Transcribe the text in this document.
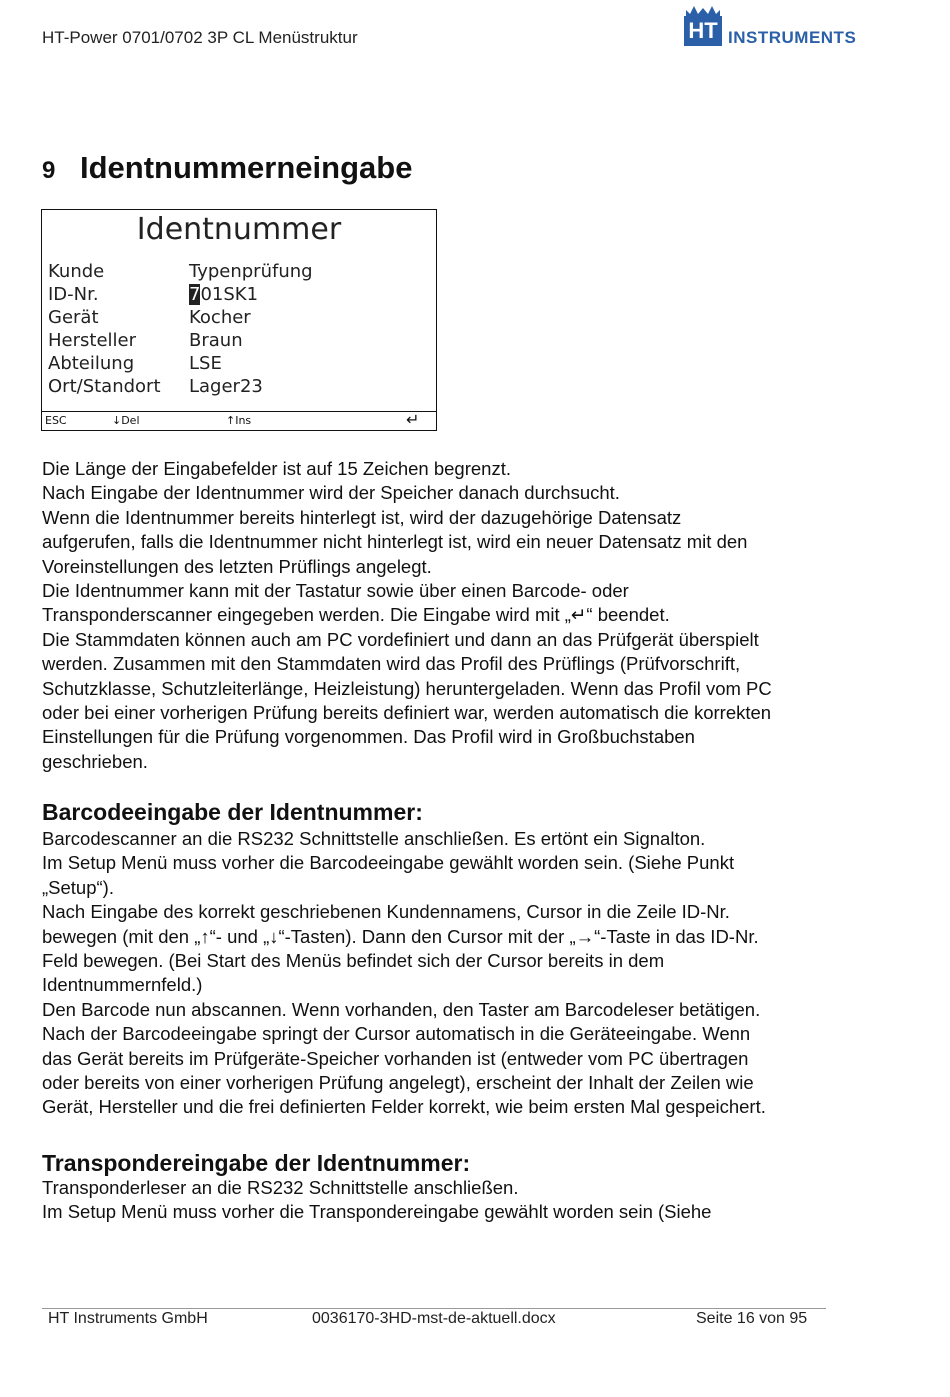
HT-Power 0701/0702 3P CL Menüstruktur	HT INSTRUMENTS
9 Identnummerneingabe
Identnummer
Kunde	Typenprüfung
ID-Nr.	701SK1
Gerät	Kocher
Hersteller	Braun
Abteilung	LSE
Ort/Standort	Lager23
ESC	↓Del	↑Ins	↵
Die Länge der Eingabefelder ist auf 15 Zeichen begrenzt.
Nach Eingabe der Identnummer wird der Speicher danach durchsucht.
Wenn die Identnummer bereits hinterlegt ist, wird der dazugehörige Datensatz
aufgerufen, falls die Identnummer nicht hinterlegt ist, wird ein neuer Datensatz mit den
Voreinstellungen des letzten Prüflings angelegt.
Die Identnummer kann mit der Tastatur sowie über einen Barcode- oder
Transponderscanner eingegeben werden. Die Eingabe wird mit „↵“ beendet.
Die Stammdaten können auch am PC vordefiniert und dann an das Prüfgerät überspielt
werden. Zusammen mit den Stammdaten wird das Profil des Prüflings (Prüfvorschrift,
Schutzklasse, Schutzleiterlänge, Heizleistung) heruntergeladen. Wenn das Profil vom PC
oder bei einer vorherigen Prüfung bereits definiert war, werden automatisch die korrekten
Einstellungen für die Prüfung vorgenommen. Das Profil wird in Großbuchstaben
geschrieben.
Barcodeeingabe der Identnummer:
Barcodescanner an die RS232 Schnittstelle anschließen. Es ertönt ein Signalton.
Im Setup Menü muss vorher die Barcodeeingabe gewählt worden sein. (Siehe Punkt
„Setup“).
Nach Eingabe des korrekt geschriebenen Kundennamens, Cursor in die Zeile ID-Nr.
bewegen (mit den „↑“- und „↓“-Tasten). Dann den Cursor mit der „→“-Taste in das ID-Nr.
Feld bewegen. (Bei Start des Menüs befindet sich der Cursor bereits in dem
Identnummernfeld.)
Den Barcode nun abscannen. Wenn vorhanden, den Taster am Barcodeleser betätigen.
Nach der Barcodeeingabe springt der Cursor automatisch in die Geräteeingabe. Wenn
das Gerät bereits im Prüfgeräte-Speicher vorhanden ist (entweder vom PC übertragen
oder bereits von einer vorherigen Prüfung angelegt), erscheint der Inhalt der Zeilen wie
Gerät, Hersteller und die frei definierten Felder korrekt, wie beim ersten Mal gespeichert.
Transpondereingabe der Identnummer:
Transponderleser an die RS232 Schnittstelle anschließen.
Im Setup Menü muss vorher die Transpondereingabe gewählt worden sein (Siehe
HT Instruments GmbH	0036170-3HD-mst-de-aktuell.docx	Seite 16 von 95
